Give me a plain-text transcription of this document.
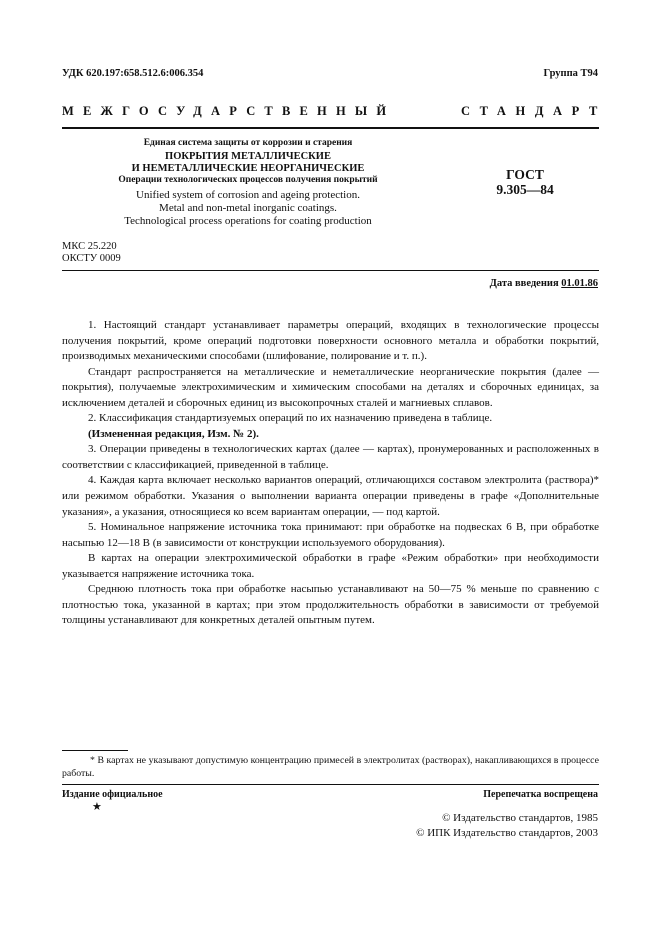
УДК 620.197:658.512.6:006.354	Группа Т94
МЕЖГОСУДАРСТВЕННЫЙ	СТАНДАРТ
Единая система защиты от коррозии и старения
ПОКРЫТИЯ МЕТАЛЛИЧЕСКИЕ
И НЕМЕТАЛЛИЧЕСКИЕ НЕОРГАНИЧЕСКИЕ
Операции технологических процессов получения покрытий
Unified system of corrosion and ageing protection.
Metal and non-metal inorganic coatings.
Technological process operations for coating production
ГОСТ
9.305—84
МКС 25.220
ОКСТУ 0009
Дата введения 01.01.86

1. Настоящий стандарт устанавливает параметры операций, входящих в технологические процессы получения покрытий, кроме операций подготовки поверхности основного металла и обработки покрытий, производимых механическими способами (шлифование, полирование и т. п.).

Стандарт распространяется на металлические и неметаллические неорганические покрытия (далее — покрытия), получаемые электрохимическим и химическим способами на деталях и сборочных единицах, за исключением деталей и сборочных единиц из высокопрочных сталей и магниевых сплавов.

2. Классификация стандартизуемых операций по их назначению приведена в таблице.

(Измененная редакция, Изм. № 2).

3. Операции приведены в технологических картах (далее — картах), пронумерованных и расположенных в соответствии с классификацией, приведенной в таблице.

4. Каждая карта включает несколько вариантов операций, отличающихся составом электролита (раствора)* или режимом обработки. Указания о выполнении варианта операции приведены в графе «Дополнительные указания», а указания, относящиеся ко всем вариантам операции, — под картой.

5. Номинальное напряжение источника тока принимают: при обработке на подвесках 6 В, при обработке насыпью 12—18 В (в зависимости от конструкции используемого оборудования).

В картах на операции электрохимической обработки в графе «Режим обработки» при необходимости указывается напряжение источника тока.

Среднюю плотность тока при обработке насыпью устанавливают на 50—75 % меньше по сравнению с плотностью тока, указанной в картах; при этом продолжительность обработки в зависимости от требуемой толщины устанавливают для конкретных деталей опытным путем.

* В картах не указывают допустимую концентрацию примесей в электролитах (растворах), накапливающихся в процессе работы.
Издание официальное
★
Перепечатка воспрещена
© Издательство стандартов, 1985
© ИПК Издательство стандартов, 2003
